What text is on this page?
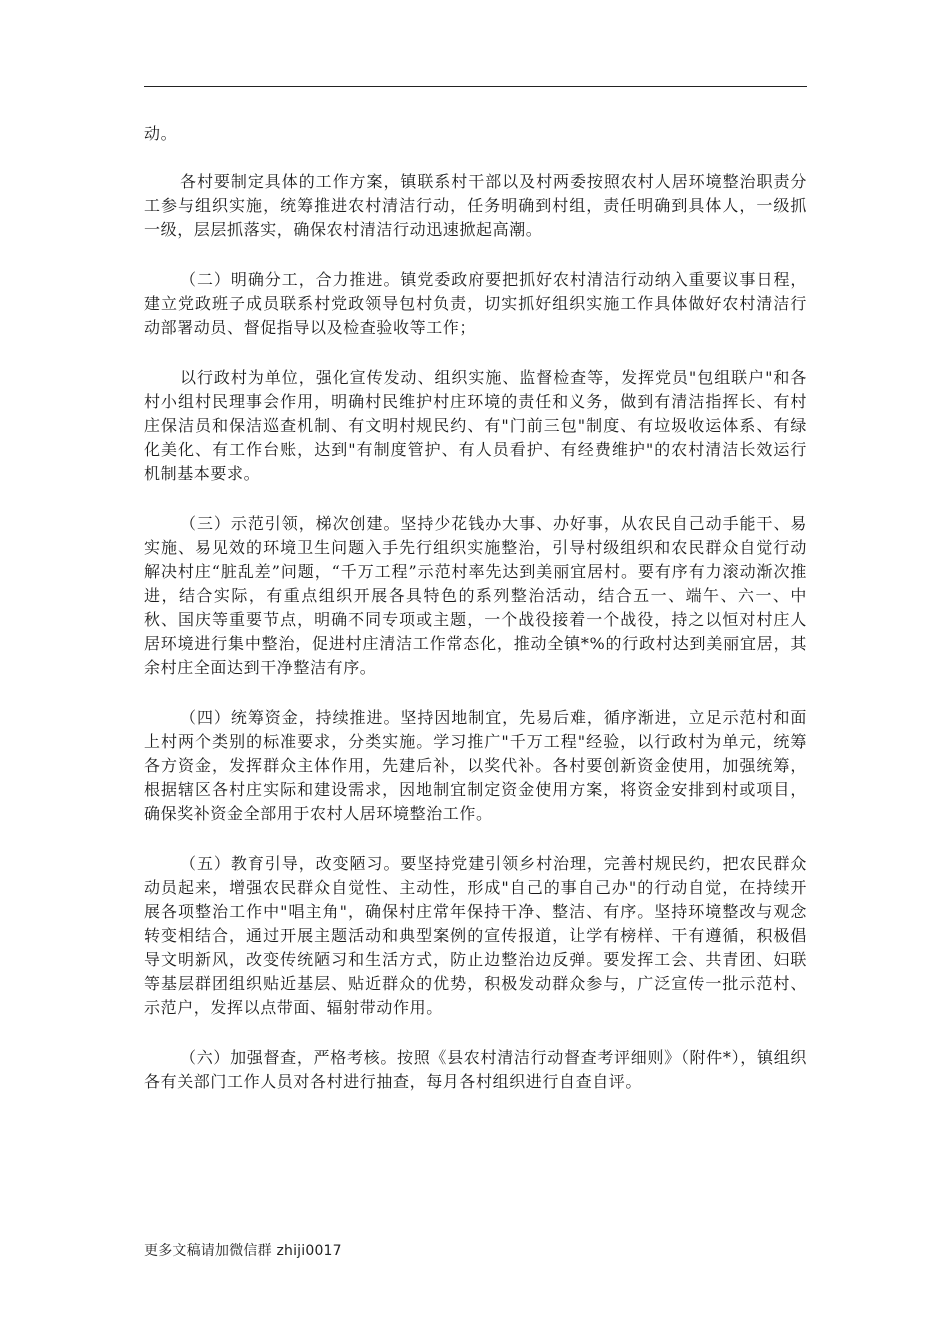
动。

各村要制定具体的工作方案，镇联系村干部以及村两委按照农村人居环境整治职责分工参与组织实施，统筹推进农村清洁行动，任务明确到村组，责任明确到具体人，一级抓一级，层层抓落实，确保农村清洁行动迅速掀起高潮。

（二）明确分工，合力推进。镇党委政府要把抓好农村清洁行动纳入重要议事日程，建立党政班子成员联系村党政领导包村负责，切实抓好组织实施工作具体做好农村清洁行动部署动员、督促指导以及检查验收等工作；

以行政村为单位，强化宣传发动、组织实施、监督检查等，发挥党员"包组联户"和各村小组村民理事会作用，明确村民维护村庄环境的责任和义务，做到有清洁指挥长、有村庄保洁员和保洁巡查机制、有文明村规民约、有"门前三包"制度、有垃圾收运体系、有绿化美化、有工作台账，达到"有制度管护、有人员看护、有经费维护"的农村清洁长效运行机制基本要求。

（三）示范引领，梯次创建。坚持少花钱办大事、办好事，从农民自己动手能干、易实施、易见效的环境卫生问题入手先行组织实施整治，引导村级组织和农民群众自觉行动解决村庄“脏乱差”问题，“千万工程”示范村率先达到美丽宜居村。要有序有力滚动渐次推进，结合实际，有重点组织开展各具特色的系列整治活动，结合五一、端午、六一、中秋、国庆等重要节点，明确不同专项或主题，一个战役接着一个战役，持之以恒对村庄人居环境进行集中整治，促进村庄清洁工作常态化，推动全镇*%的行政村达到美丽宜居，其余村庄全面达到干净整洁有序。

（四）统筹资金，持续推进。坚持因地制宜，先易后难，循序渐进，立足示范村和面上村两个类别的标准要求，分类实施。学习推广"千万工程"经验，以行政村为单元，统筹各方资金，发挥群众主体作用，先建后补，以奖代补。各村要创新资金使用，加强统筹，根据辖区各村庄实际和建设需求，因地制宜制定资金使用方案，将资金安排到村或项目，确保奖补资金全部用于农村人居环境整治工作。

（五）教育引导，改变陋习。要坚持党建引领乡村治理，完善村规民约，把农民群众动员起来，增强农民群众自觉性、主动性，形成"自己的事自己办"的行动自觉，在持续开展各项整治工作中"唱主角"，确保村庄常年保持干净、整洁、有序。坚持环境整改与观念转变相结合，通过开展主题活动和典型案例的宣传报道，让学有榜样、干有遵循，积极倡导文明新风，改变传统陋习和生活方式，防止边整治边反弹。要发挥工会、共青团、妇联等基层群团组织贴近基层、贴近群众的优势，积极发动群众参与，广泛宣传一批示范村、示范户，发挥以点带面、辐射带动作用。

（六）加强督查，严格考核。按照《县农村清洁行动督查考评细则》（附件*），镇组织各有关部门工作人员对各村进行抽查，每月各村组织进行自查自评。

更多文稿请加微信群 zhiji0017
